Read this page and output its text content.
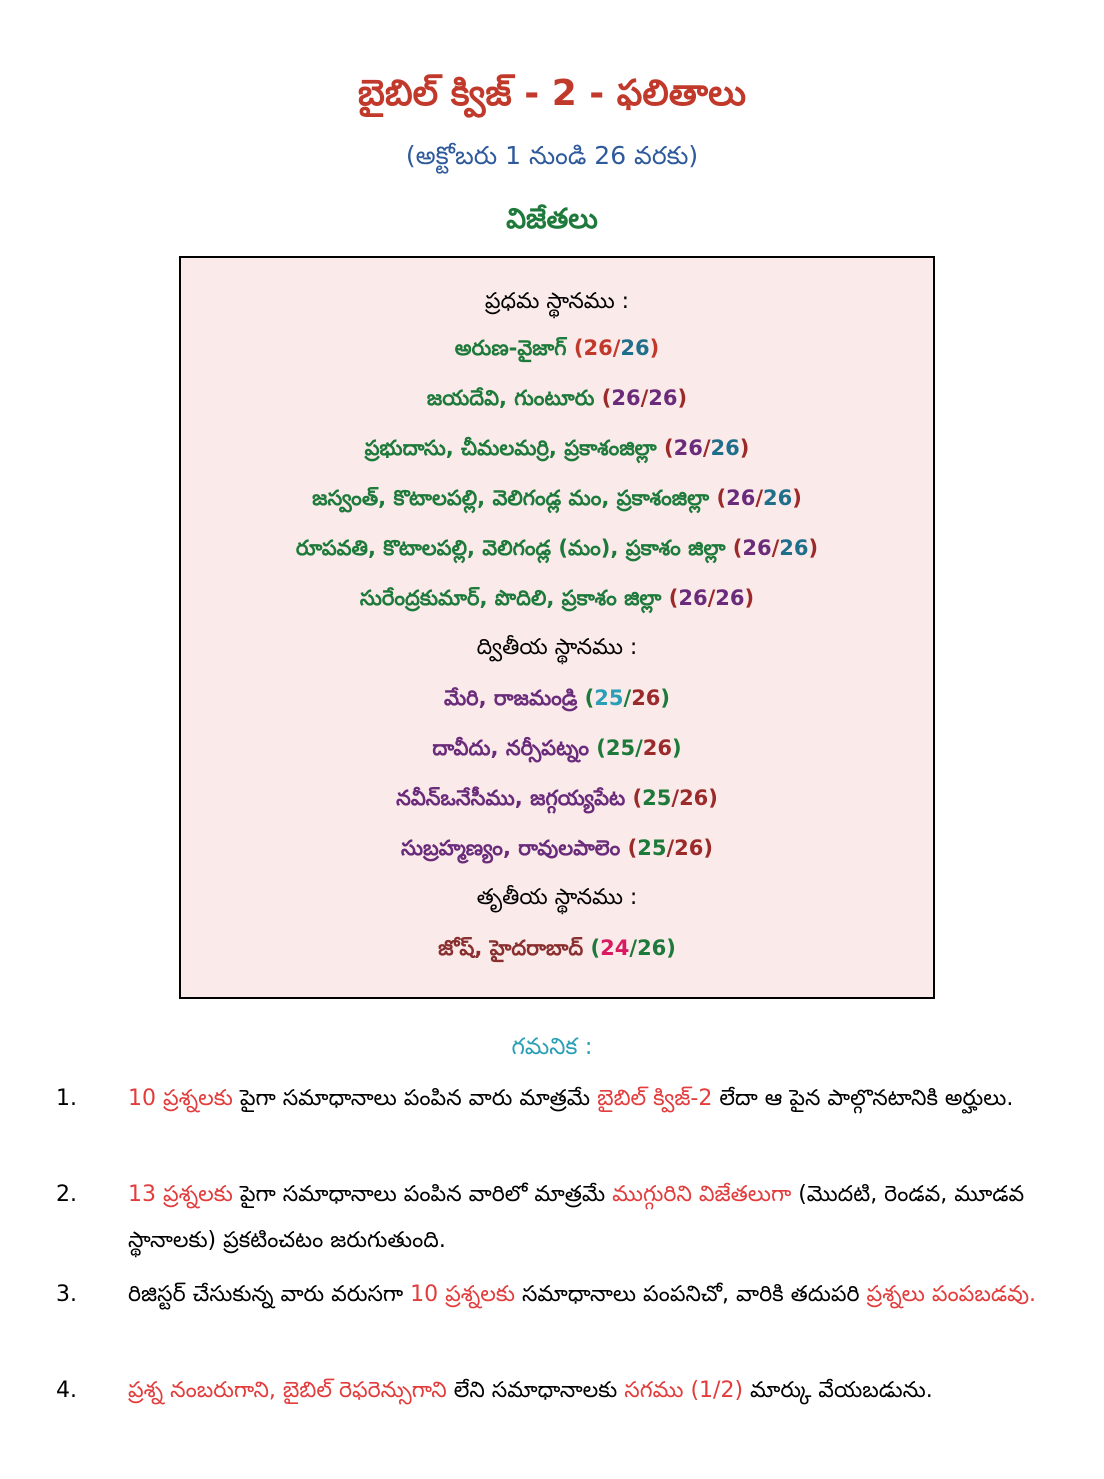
బైబిల్ క్విజ్ - 2 - ఫలితాలు
(అక్టోబరు 1 నుండి 26 వరకు)
విజేతలు
ప్రధమ స్థానము :
అరుణ-వైజాగ్ (26/26)
జయదేవి, గుంటూరు (26/26)
ప్రభుదాసు, చీమలమర్రి, ప్రకాశంజిల్లా (26/26)
జస్వంత్, కొటాలపల్లి, వెలిగండ్ల మం, ప్రకాశంజిల్లా (26/26)
రూపవతి, కొటాలపల్లి, వెలిగండ్ల (మం), ప్రకాశం జిల్లా (26/26)
సురేంద్రకుమార్, పొదిలి, ప్రకాశం జిల్లా (26/26)
ద్వితీయ స్థానము :
మేరి, రాజమండ్రి (25/26)
దావీదు, నర్సీపట్నం (25/26)
నవీన్ఒనేసీము, జగ్గయ్యపేట (25/26)
సుబ్రహ్మణ్యం, రావులపాలెం (25/26)
తృతీయ స్థానము :
జోష్, హైదరాబాద్ (24/26)
గమనిక :
1. 10 ప్రశ్నలకు పైగా సమాధానాలు పంపిన వారు మాత్రమే బైబిల్ క్విజ్-2 లేదా ఆ పైన పాల్గొనటానికి అర్హులు.
2. 13 ప్రశ్నలకు పైగా సమాధానాలు పంపిన వారిలో మాత్రమే ముగ్గురిని విజేతలుగా (మొదటి, రెండవ, మూడవ స్థానాలకు) ప్రకటించటం జరుగుతుంది.
3. రిజిస్టర్ చేసుకున్న వారు వరుసగా 10 ప్రశ్నలకు సమాధానాలు పంపనిచో, వారికి తదుపరి ప్రశ్నలు పంపబడవు.
4. ప్రశ్న నంబరుగాని, బైబిల్ రెఫరెన్సుగాని లేని సమాధానాలకు సగము (1/2) మార్కు వేయబడును.
